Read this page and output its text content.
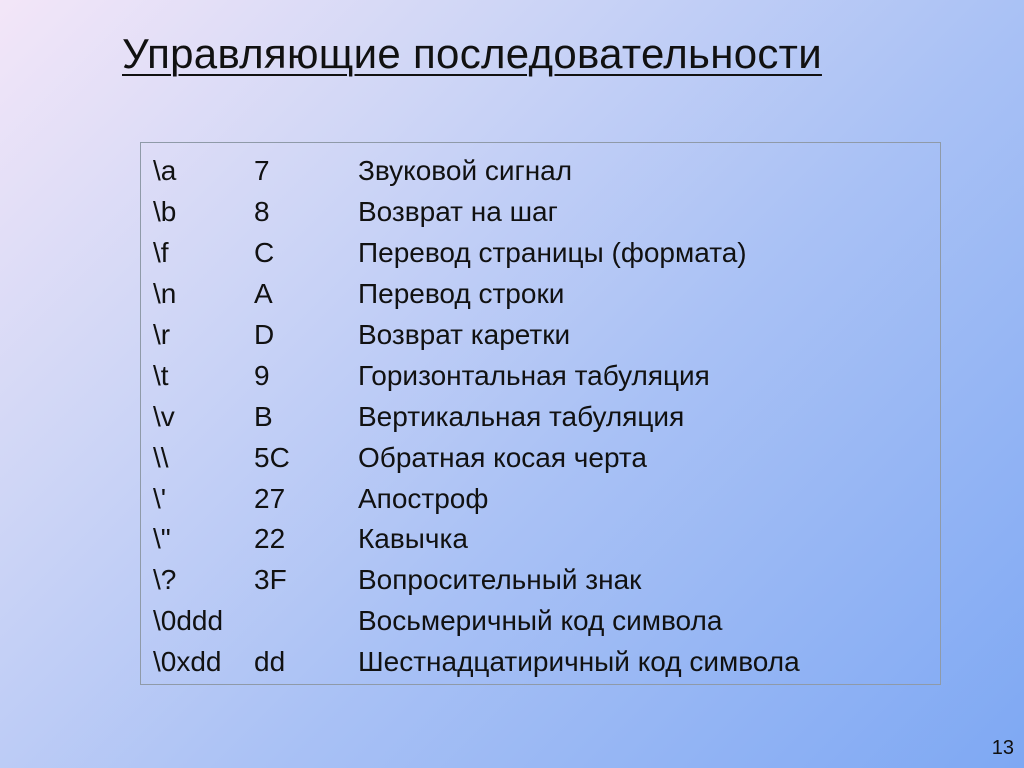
Управляющие последовательности
\a	7	Звуковой сигнал
\b	8	Возврат на шаг
\f	C	Перевод страницы (формата)
\n	A	Перевод строки
\r	D	Возврат каретки
\t	9	Горизонтальная табуляция
\v	B	Вертикальная табуляция
\\	5C	Обратная косая черта
\'	27	Апостроф
\"	22	Кавычка
\?	3F	Вопросительный знак
\0ddd		Восьмеричный код символа
\0xdd	dd	Шестнадцатиричный код символа
13
